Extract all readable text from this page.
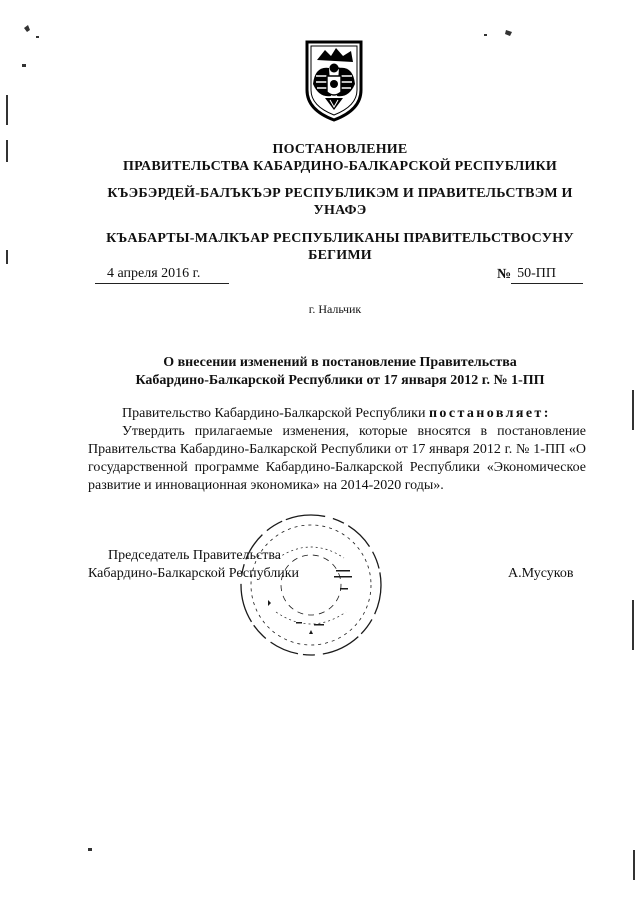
ПОСТАНОВЛЕНИЕ
ПРАВИТЕЛЬСТВА КАБАРДИНО-БАЛКАРСКОЙ РЕСПУБЛИКИ
КЪЭБЭРДЕЙ-БАЛЪКЪЭР РЕСПУБЛИКЭМ И ПРАВИТЕЛЬСТВЭМ И
УНАФЭ
КЪАБАРТЫ-МАЛКЪАР РЕСПУБЛИКАНЫ ПРАВИТЕЛЬСТВОСУНУ
БЕГИМИ
4 апреля 2016 г.	№ 50-ПП
г. Нальчик
О внесении изменений в постановление Правительства
Кабардино-Балкарской Республики от 17 января 2012 г. № 1-ПП

Правительство Кабардино-Балкарской Республики постановляет:

Утвердить прилагаемые изменения, которые вносятся в постановление Правительства Кабардино-Балкарской Республики от 17 января 2012 г. № 1-ПП «О государственной программе Кабардино-Балкарской Республики «Экономическое развитие и инновационная экономика» на 2014-2020 годы».

Председатель Правительства
Кабардино-Балкарской Республики	А.Мусуков
